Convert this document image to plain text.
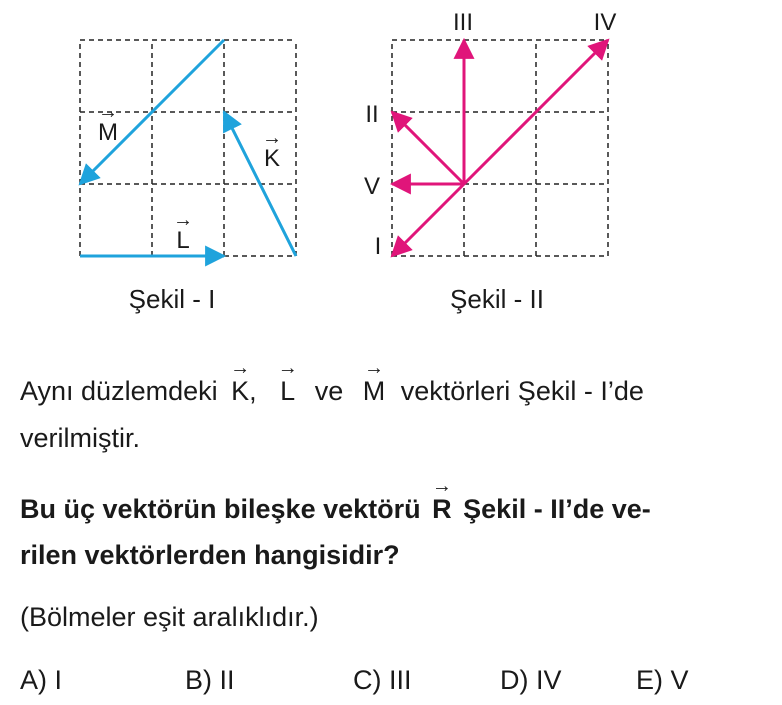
K
→
L
→
M
→
I
II
III	IV
V
Şekil - I	Şekil - II
Aynı düzlemdeki
→
K,
→
L ve
→
M vektörleri Şekil - I’de
verilmiştir.
Bu üç vektörün bileşke vektörü
→
R Şekil - II’de ve-
rilen vektörlerden hangisidir?
(Bölmeler eşit aralıklıdır.)
A) I	B) II	C) III	D) IV	E) V
